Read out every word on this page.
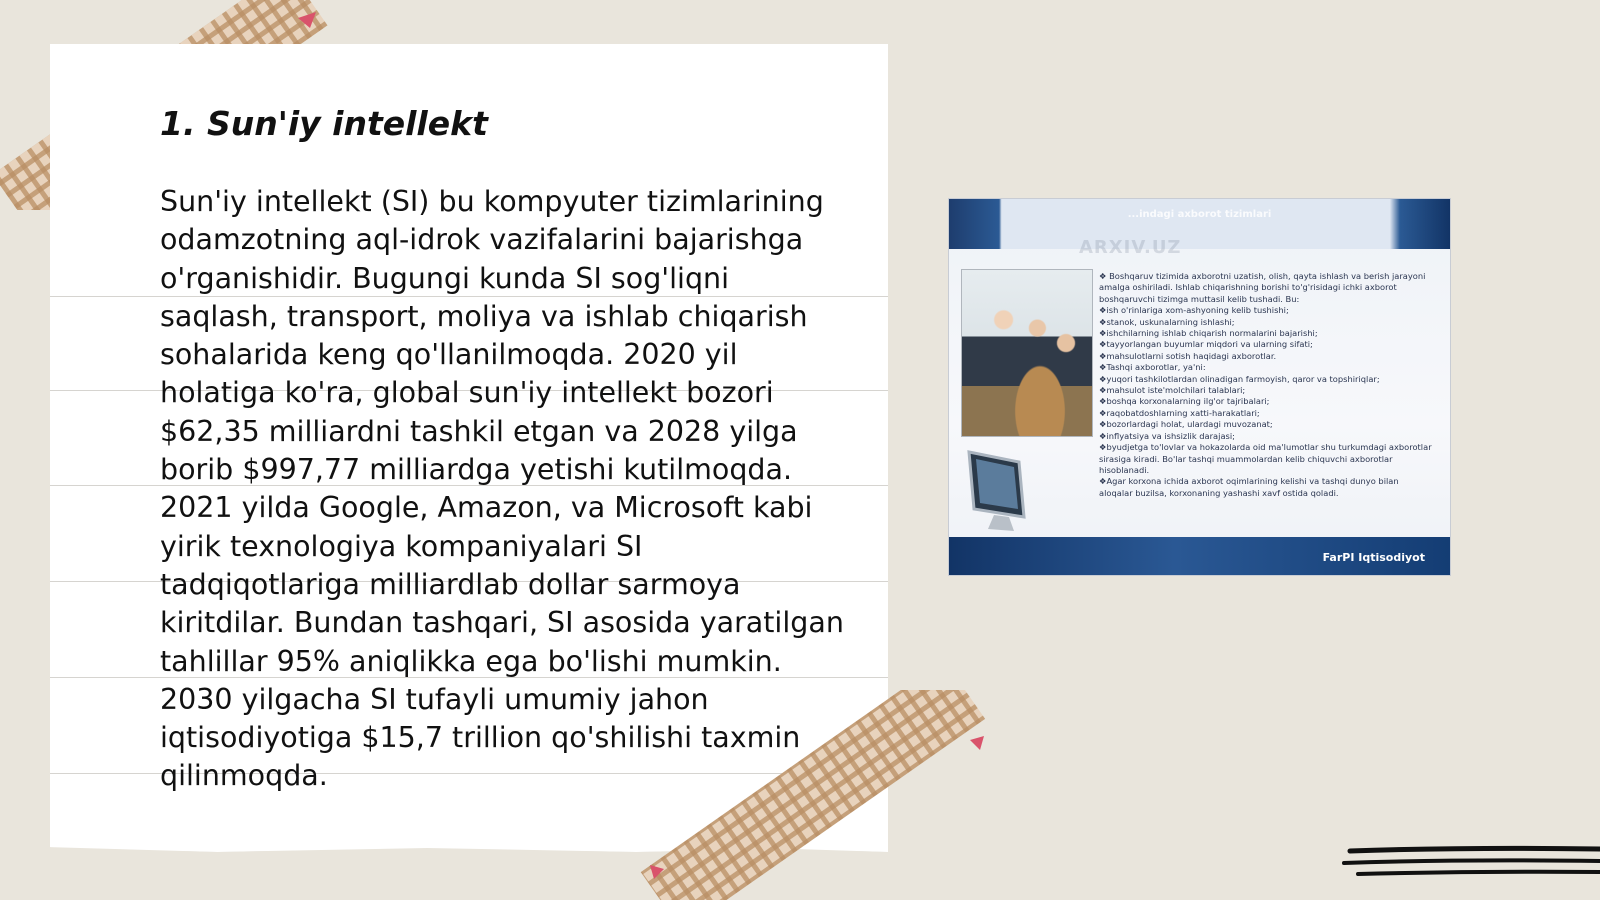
1. Sun'iy intellekt

Sun'iy intellekt (SI) bu kompyuter tizimlarining odamzotning aql-idrok vazifalarini bajarishga o'rganishidir. Bugungi kunda SI sog'liqni saqlash, transport, moliya va ishlab chiqarish sohalarida keng qo'llanilmoqda. 2020 yil holatiga ko'ra, global sun'iy intellekt bozori $62,35 milliardni tashkil etgan va 2028 yilga borib $997,77 milliardga yetishi kutilmoqda. 2021 yilda Google, Amazon, va Microsoft kabi yirik texnologiya kompaniyalari SI tadqiqotlariga milliardlab dollar sarmoya kiritdilar. Bundan tashqari, SI asosida yaratilgan tahlillar 95% aniqlikka ega bo'lishi mumkin. 2030 yilgacha SI tufayli umumiy jahon iqtisodiyotiga $15,7 trillion qo'shilishi taxmin qilinmoqda.

...indagi axborot tizimlari
ARXIV.UZ
❖ Boshqaruv tizimida axborotni uzatish, olish, qayta ishlash va berish jarayoni amalga oshiriladi. Ishlab chiqarishning borishi to'g'risidagi ichki axborot boshqaruvchi tizimga muttasil kelib tushadi. Bu:
❖ish o'rinlariga xom-ashyoning kelib tushishi;
❖stanok, uskunalarning ishlashi;
❖ishchilarning ishlab chiqarish normalarini bajarishi;
❖tayyorlangan buyumlar miqdori va ularning sifati;
❖mahsulotlarni sotish haqidagi axborotlar.
❖Tashqi axborotlar, ya'ni:
❖yuqori tashkilotlardan olinadigan farmoyish, qaror va topshiriqlar;
❖mahsulot iste'molchilari talablari;
❖boshqa korxonalarning ilg'or tajribalari;
❖raqobatdoshlarning xatti-harakatlari;
❖bozorlardagi holat, ulardagi muvozanat;
❖inflyatsiya va ishsizlik darajasi;
❖byudjetga to'lovlar va hokazolarda oid ma'lumotlar shu turkumdagi axborotlar sirasiga kiradi. Bo'lar tashqi muammolardan kelib chiquvchi axborotlar hisoblanadi.
❖Agar korxona ichida axborot oqimlarining kelishi va tashqi dunyo bilan aloqalar buzilsa, korxonaning yashashi xavf ostida qoladi.
FarPI Iqtisodiyot
